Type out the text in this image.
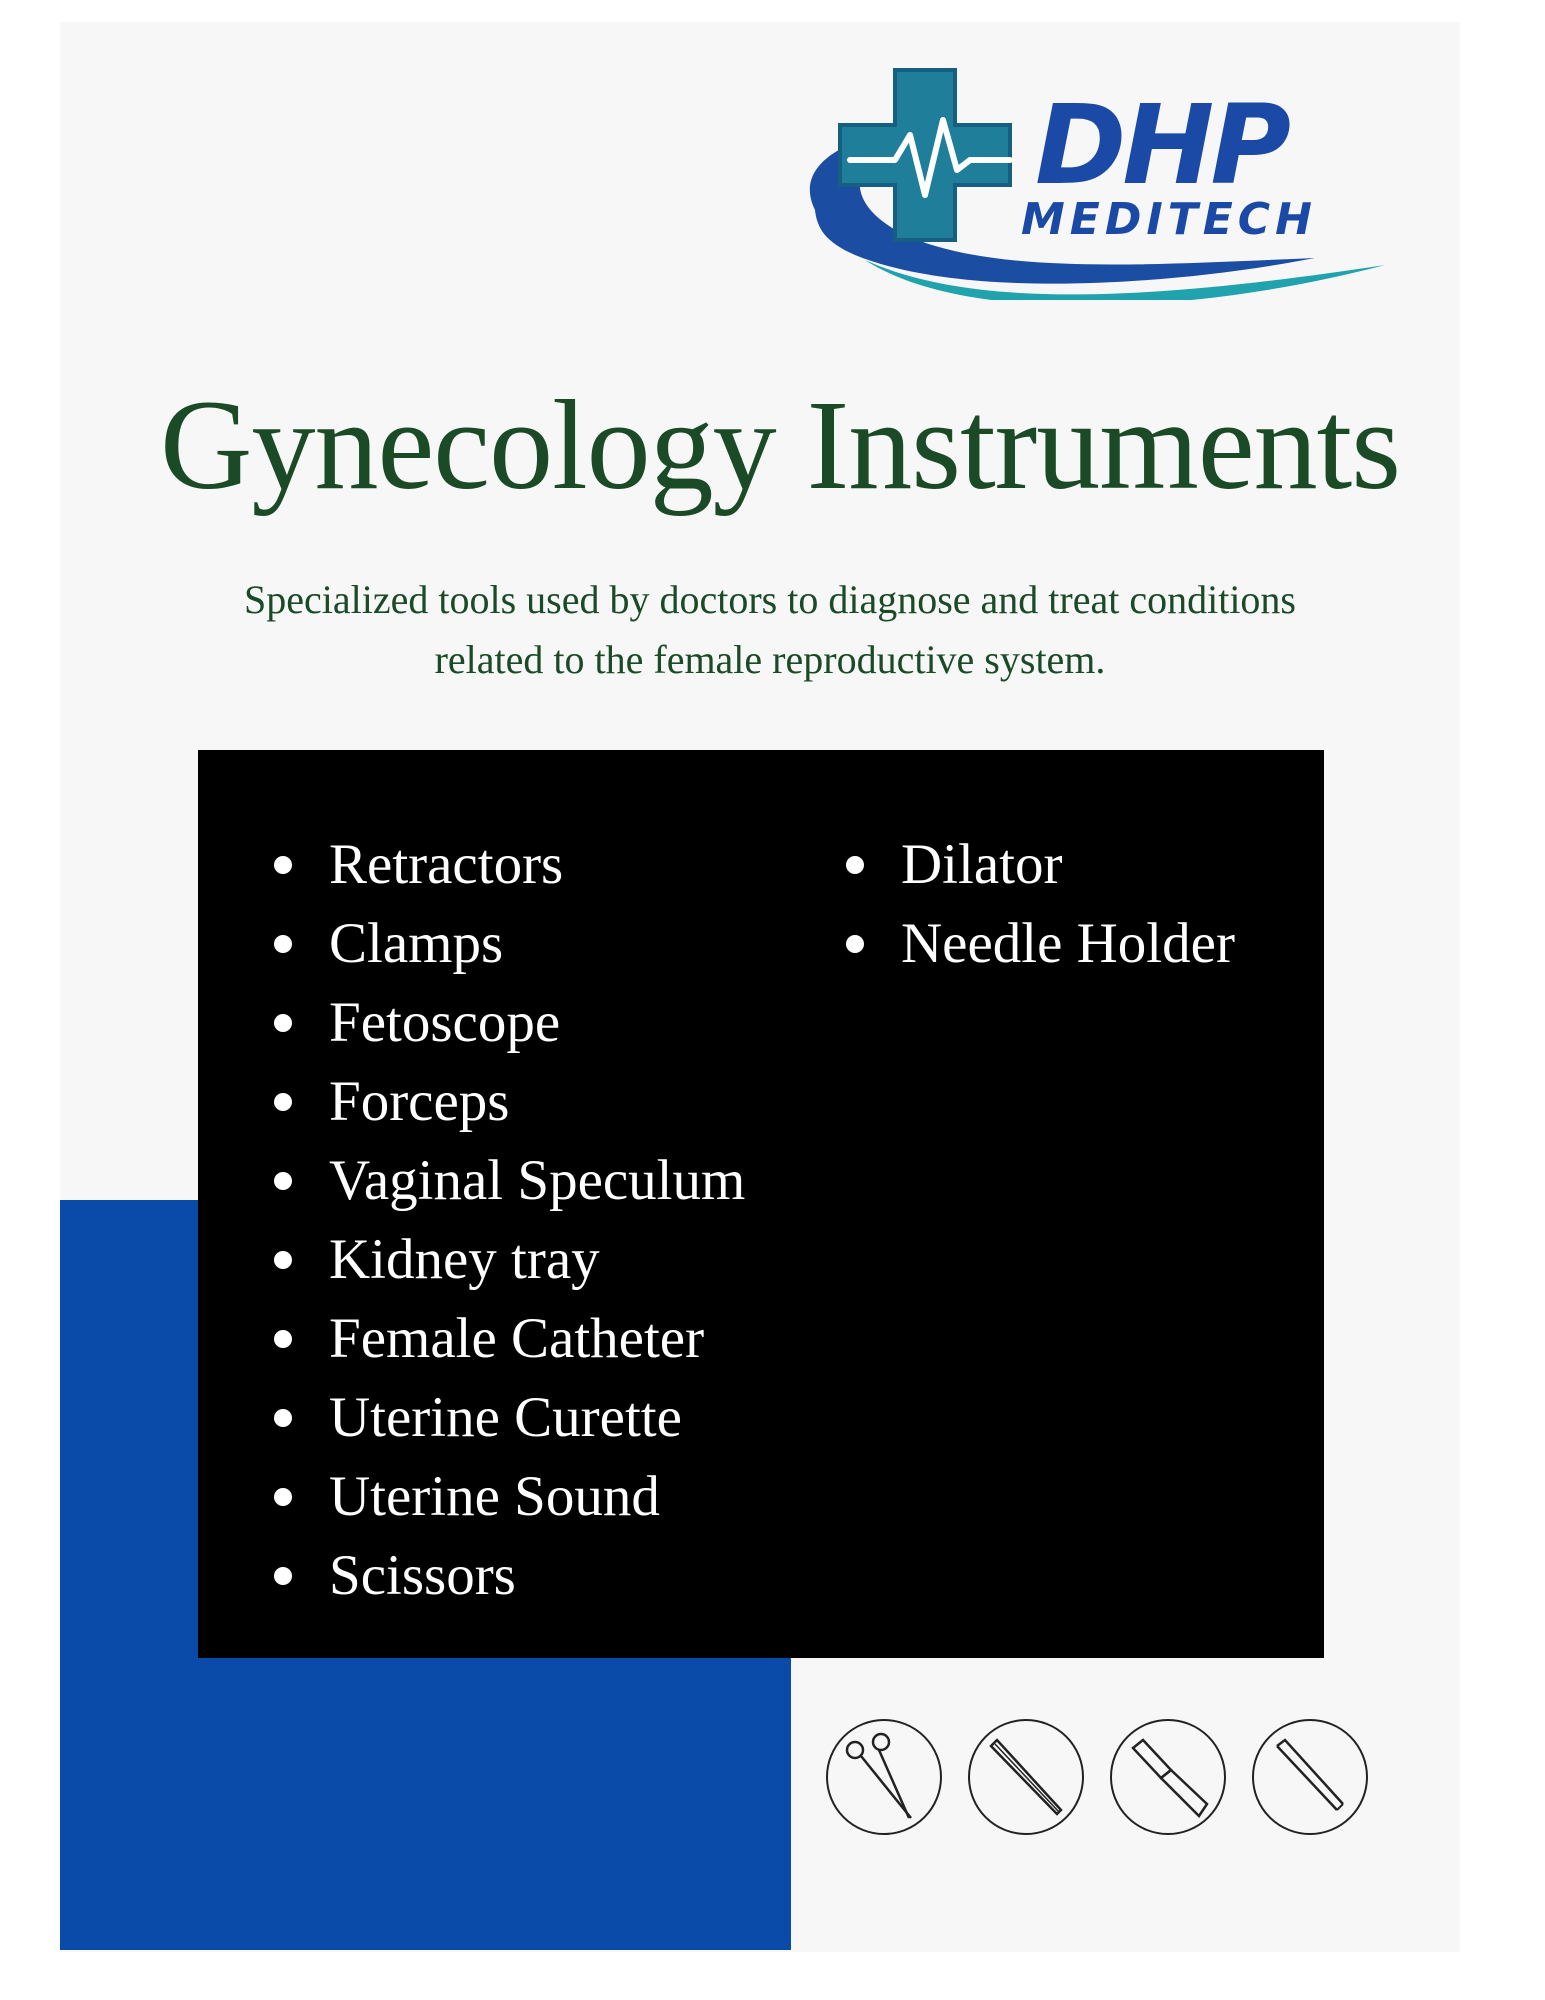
DHP
MEDITECH
Gynecology Instruments

Specialized tools used by doctors to diagnose and treat conditions related to the female reproductive system.

Retractors
Clamps
Fetoscope
Forceps
Vaginal Speculum
Kidney tray
Female Catheter
Uterine Curette
Uterine Sound
Scissors
Dilator
Needle Holder
